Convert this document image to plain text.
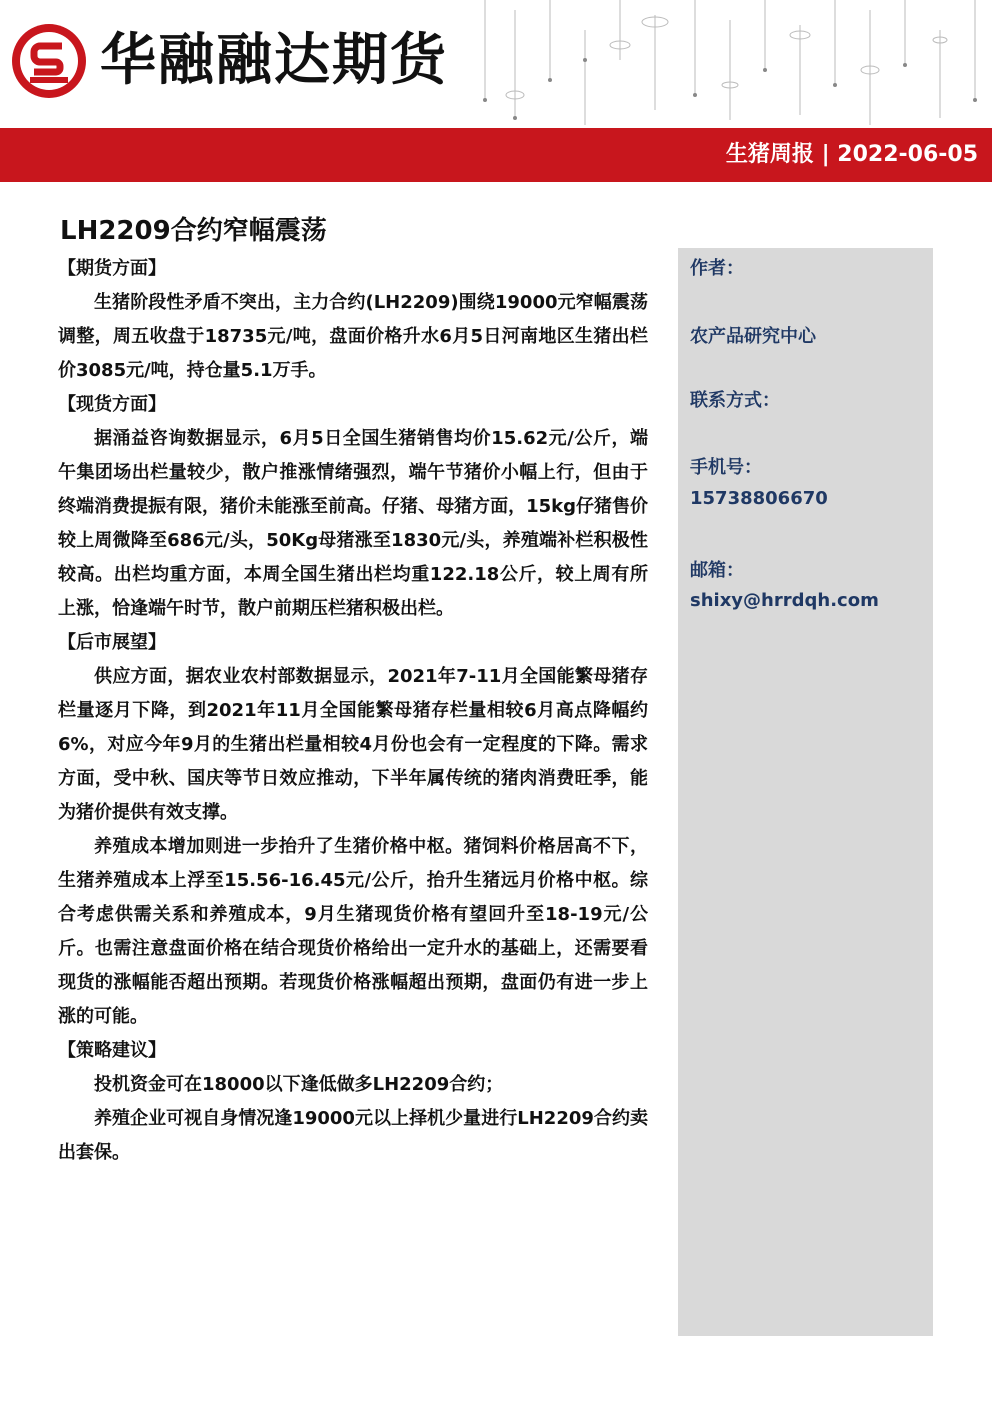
华融融达期货
生猪周报 | 2022-06-05
LH2209合约窄幅震荡

【期货方面】

生猪阶段性矛盾不突出，主力合约(LH2209)围绕19000元窄幅震荡调整，周五收盘于18735元/吨，盘面价格升水6月5日河南地区生猪出栏价3085元/吨，持仓量5.1万手。

【现货方面】

据涌益咨询数据显示，6月5日全国生猪销售均价15.62元/公斤，端午集团场出栏量较少，散户推涨情绪强烈，端午节猪价小幅上行，但由于终端消费提振有限，猪价未能涨至前高。仔猪、母猪方面，15kg仔猪售价较上周微降至686元/头，50Kg母猪涨至1830元/头，养殖端补栏积极性较高。出栏均重方面，本周全国生猪出栏均重122.18公斤，较上周有所上涨，恰逢端午时节，散户前期压栏猪积极出栏。

【后市展望】

供应方面，据农业农村部数据显示，2021年7-11月全国能繁母猪存栏量逐月下降，到2021年11月全国能繁母猪存栏量相较6月高点降幅约6%，对应今年9月的生猪出栏量相较4月份也会有一定程度的下降。需求方面，受中秋、国庆等节日效应推动，下半年属传统的猪肉消费旺季，能为猪价提供有效支撑。

养殖成本增加则进一步抬升了生猪价格中枢。猪饲料价格居高不下，生猪养殖成本上浮至15.56-16.45元/公斤，抬升生猪远月价格中枢。综合考虑供需关系和养殖成本，9月生猪现货价格有望回升至18-19元/公斤。也需注意盘面价格在结合现货价格给出一定升水的基础上，还需要看现货的涨幅能否超出预期。若现货价格涨幅超出预期，盘面仍有进一步上涨的可能。

【策略建议】

投机资金可在18000以下逢低做多LH2209合约；

养殖企业可视自身情况逢19000元以上择机少量进行LH2209合约卖出套保。

作者：
农产品研究中心
联系方式：
手机号：
15738806670
邮箱：
shixy@hrrdqh.com
